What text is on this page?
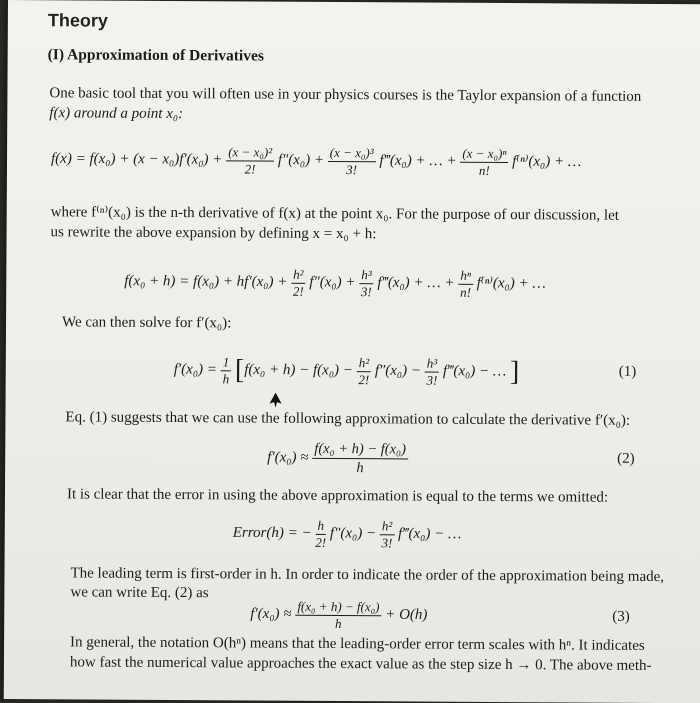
Theory
(I) Approximation of Derivatives
One basic tool that you will often use in your physics courses is the Taylor expansion of a function
f(x) around a point x₀:
$f(x) = f(x_0) + (x - x_0)f'(x_0) + \frac{\text{(x − x₀)²}}{2!} f''(x_0) + \frac{\text{(x − x₀)³}}{3!}$ f‴(x₀) + … + $\frac{\text{(x − x₀)ⁿ}}{n!} f^{(n)}(x_0)$ + …
where f⁽ⁿ⁾(x₀) is the n-th derivative of f(x) at the point x₀. For the purpose of our discussion, let
us rewrite the above expansion by defining x = x₀ + h:
$f(x_0 + h) = f(x_0) + hf'(x_0) + \frac{\text{h²}}{2!} f''(x_0) + \frac{\text{h³}}{3!}$ f‴(x₀) + … + $\frac{\text{hⁿ}}{n!} f^{(n)}(x_0)$ + …
We can then solve for f′(x₀):
$f'(x_0) = \frac{1}{h} [f(x_0 + h) - f(x_0) - \frac{\text{h²}}{2!} f''(x_0) - \frac{\text{h³}}{3!}$ f‴(x₀) − … ]	(1)
Eq. (1) suggests that we can use the following approximation to calculate the derivative f′(x₀):
$f'(x_0) \approx \frac{\text{f(x₀ + h) − f(x₀)}}{h}$	(2)
It is clear that the error in using the above approximation is equal to the terms we omitted:
Error(h) = − $\frac{h}{2!} f''(x_0) - \frac{\text{h²}}{3!}$ f‴(x₀) − …
The leading term is first-order in h. In order to indicate the order of the approximation being made,
we can write Eq. (2) as
$f'(x_0) \approx \frac{\text{f(x₀ + h) − f(x₀)}}{h} + O(h)$	(3)
In general, the notation O(hⁿ) means that the leading-order error term scales with hⁿ. It indicates
how fast the numerical value approaches the exact value as the step size h → 0. The above meth-
